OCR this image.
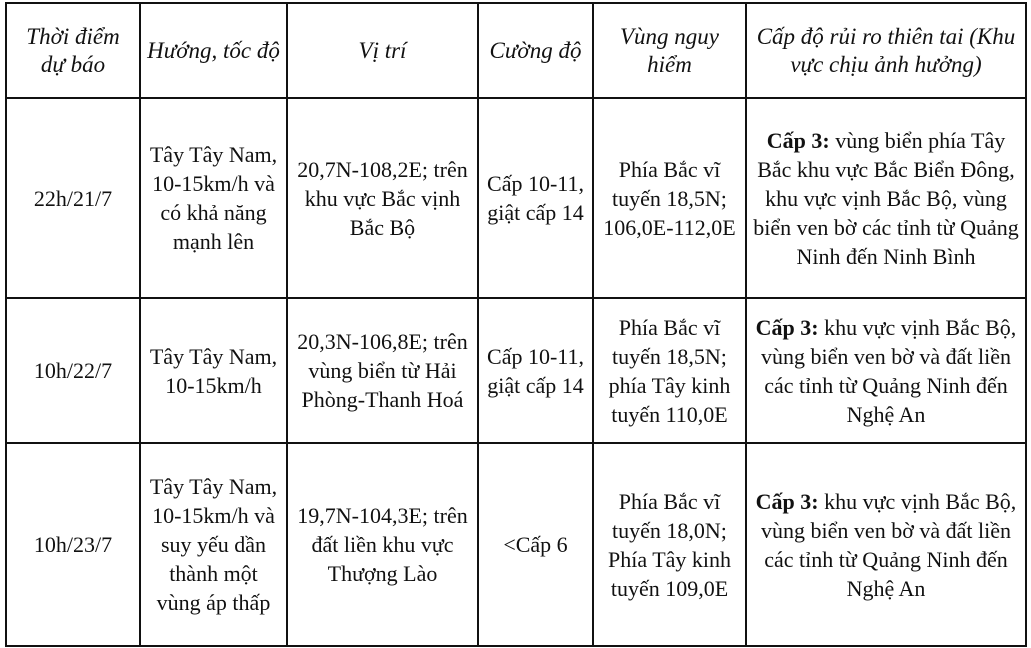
Thời điểm dự báo	Hướng, tốc độ	Vị trí	Cường độ	Vùng nguy hiểm	Cấp độ rủi ro thiên tai (Khu vực chịu ảnh hưởng)
22h/21/7	Tây Tây Nam, 10-15km/h và có khả năng mạnh lên	20,7N-108,2E; trên khu vực Bắc vịnh Bắc Bộ	Cấp 10-11, giật cấp 14	Phía Bắc vĩ tuyến 18,5N; 106,0E-112,0E	Cấp 3: vùng biển phía Tây Bắc khu vực Bắc Biển Đông, khu vực vịnh Bắc Bộ, vùng biển ven bờ các tỉnh từ Quảng Ninh đến Ninh Bình
10h/22/7	Tây Tây Nam, 10-15km/h	20,3N-106,8E; trên vùng biển từ Hải Phòng-Thanh Hoá	Cấp 10-11, giật cấp 14	Phía Bắc vĩ tuyến 18,5N; phía Tây kinh tuyến 110,0E	Cấp 3: khu vực vịnh Bắc Bộ, vùng biển ven bờ và đất liền các tỉnh từ Quảng Ninh đến Nghệ An
10h/23/7	Tây Tây Nam, 10-15km/h và suy yếu dần thành một vùng áp thấp	19,7N-104,3E; trên đất liền khu vực Thượng Lào	<Cấp 6	Phía Bắc vĩ tuyến 18,0N; Phía Tây kinh tuyến 109,0E	Cấp 3: khu vực vịnh Bắc Bộ, vùng biển ven bờ và đất liền các tỉnh từ Quảng Ninh đến Nghệ An
